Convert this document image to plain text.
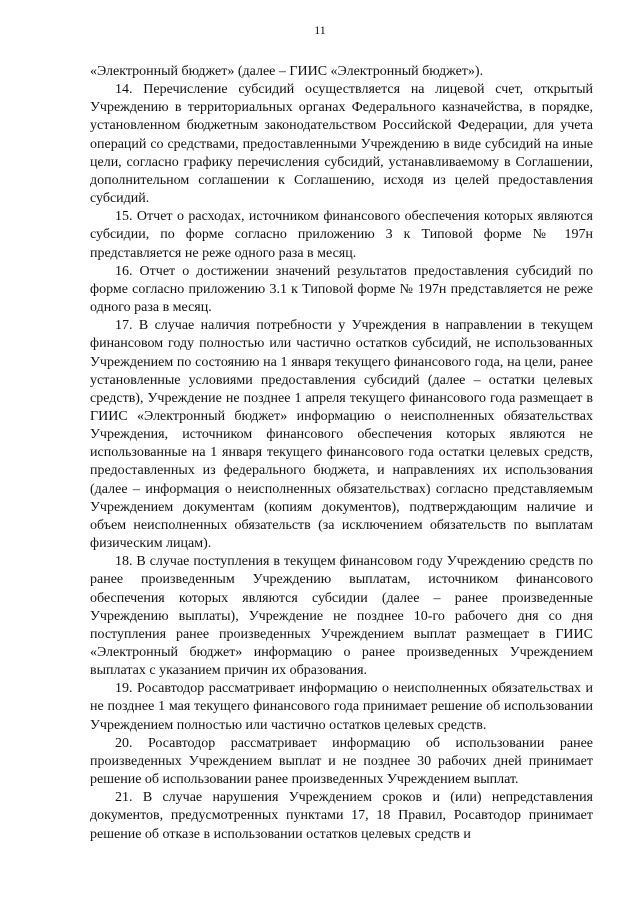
11

«Электронный бюджет» (далее – ГИИС «Электронный бюджет»).

14. Перечисление субсидий осуществляется на лицевой счет, открытый Учреждению в территориальных органах Федерального казначейства, в порядке, установленном бюджетным законодательством Российской Федерации, для учета операций со средствами, предоставленными Учреждению в виде субсидий на иные цели, согласно графику перечисления субсидий, устанавливаемому в Соглашении, дополнительном соглашении к Соглашению, исходя из целей предоставления субсидий.

15. Отчет о расходах, источником финансового обеспечения которых являются субсидии, по форме согласно приложению 3 к Типовой форме № 197н представляется не реже одного раза в месяц.

16. Отчет о достижении значений результатов предоставления субсидий по форме согласно приложению 3.1 к Типовой форме № 197н представляется не реже одного раза в месяц.

17. В случае наличия потребности у Учреждения в направлении в текущем финансовом году полностью или частично остатков субсидий, не использованных Учреждением по состоянию на 1 января текущего финансового года, на цели, ранее установленные условиями предоставления субсидий (далее – остатки целевых средств), Учреждение не позднее 1 апреля текущего финансового года размещает в ГИИС «Электронный бюджет» информацию о неисполненных обязательствах Учреждения, источником финансового обеспечения которых являются не использованные на 1 января текущего финансового года остатки целевых средств, предоставленных из федерального бюджета, и направлениях их использования (далее – информация о неисполненных обязательствах) согласно представляемым Учреждением документам (копиям документов), подтверждающим наличие и объем неисполненных обязательств (за исключением обязательств по выплатам физическим лицам).

18. В случае поступления в текущем финансовом году Учреждению средств по ранее произведенным Учреждению выплатам, источником финансового обеспечения которых являются субсидии (далее – ранее произведенные Учреждению выплаты), Учреждение не позднее 10-го рабочего дня со дня поступления ранее произведенных Учреждением выплат размещает в ГИИС «Электронный бюджет» информацию о ранее произведенных Учреждением выплатах с указанием причин их образования.

19. Росавтодор рассматривает информацию о неисполненных обязательствах и не позднее 1 мая текущего финансового года принимает решение об использовании Учреждением полностью или частично остатков целевых средств.

20. Росавтодор рассматривает информацию об использовании ранее произведенных Учреждением выплат и не позднее 30 рабочих дней принимает решение об использовании ранее произведенных Учреждением выплат.

21. В случае нарушения Учреждением сроков и (или) непредставления документов, предусмотренных пунктами 17, 18 Правил, Росавтодор принимает решение об отказе в использовании остатков целевых средств и
